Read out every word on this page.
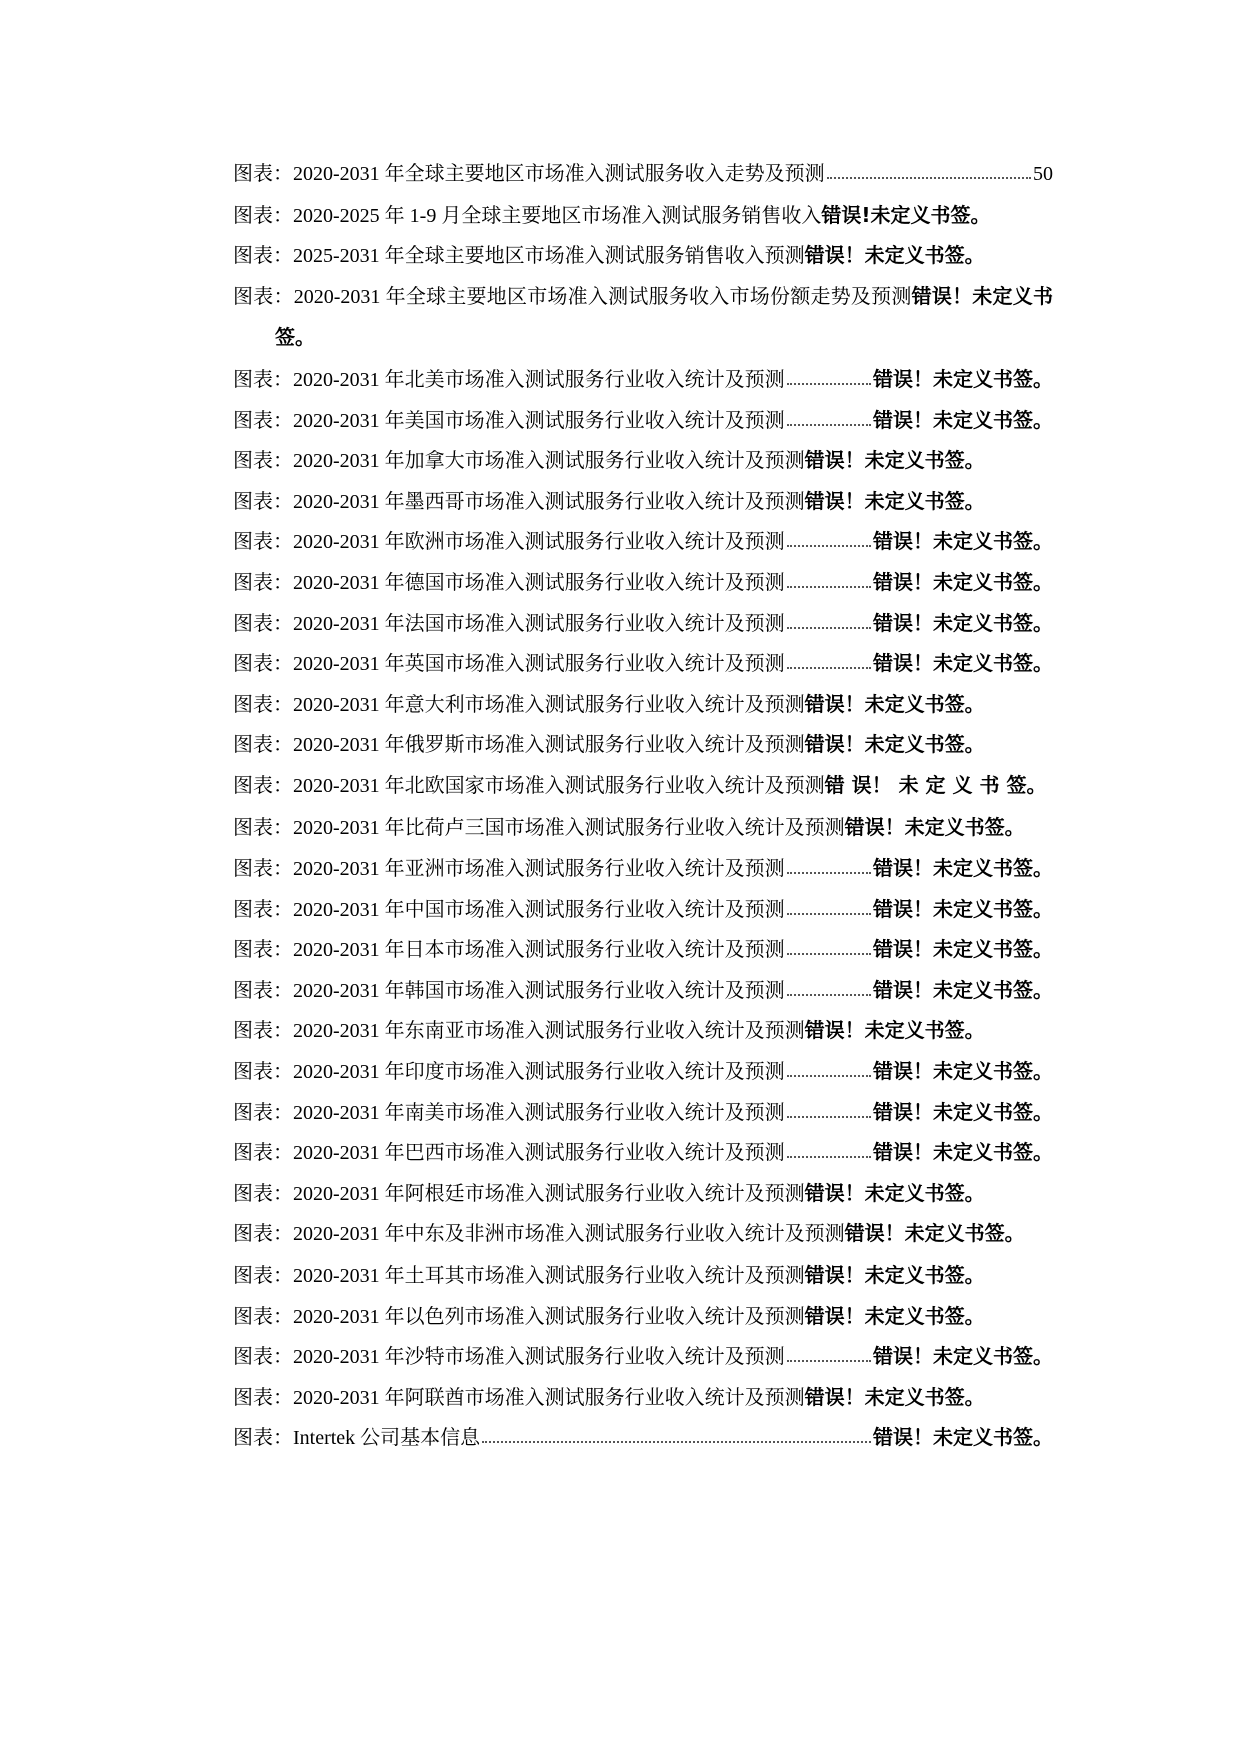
图表：2020-2031 年全球主要地区市场准入测试服务收入走势及预测	50
图表：2020-2025 年 1-9 月全球主要地区市场准入测试服务销售收入 错误!未定义书签。
图表：2025-2031 年全球主要地区市场准入测试服务销售收入预测 错误！未定义书签。
图表：2020-2031 年全球主要地区市场准入测试服务收入市场份额走势及预测错误！未定义书签。
图表：2020-2031 年北美市场准入测试服务行业收入统计及预测	错误！未定义书签。
图表：2020-2031 年美国市场准入测试服务行业收入统计及预测	错误！未定义书签。
图表：2020-2031 年加拿大市场准入测试服务行业收入统计及预测 错误！未定义书签。
图表：2020-2031 年墨西哥市场准入测试服务行业收入统计及预测 错误！未定义书签。
图表：2020-2031 年欧洲市场准入测试服务行业收入统计及预测	错误！未定义书签。
图表：2020-2031 年德国市场准入测试服务行业收入统计及预测	错误！未定义书签。
图表：2020-2031 年法国市场准入测试服务行业收入统计及预测	错误！未定义书签。
图表：2020-2031 年英国市场准入测试服务行业收入统计及预测	错误！未定义书签。
图表：2020-2031 年意大利市场准入测试服务行业收入统计及预测 错误！未定义书签。
图表：2020-2031 年俄罗斯市场准入测试服务行业收入统计及预测 错误！未定义书签。
图表：2020-2031 年北欧国家市场准入测试服务行业收入统计及预测错 误！ 未 定 义 书 签。
图表：2020-2031 年比荷卢三国市场准入测试服务行业收入统计及预测错误！未定义书签。
图表：2020-2031 年亚洲市场准入测试服务行业收入统计及预测	错误！未定义书签。
图表：2020-2031 年中国市场准入测试服务行业收入统计及预测	错误！未定义书签。
图表：2020-2031 年日本市场准入测试服务行业收入统计及预测	错误！未定义书签。
图表：2020-2031 年韩国市场准入测试服务行业收入统计及预测	错误！未定义书签。
图表：2020-2031 年东南亚市场准入测试服务行业收入统计及预测 错误！未定义书签。
图表：2020-2031 年印度市场准入测试服务行业收入统计及预测	错误！未定义书签。
图表：2020-2031 年南美市场准入测试服务行业收入统计及预测	错误！未定义书签。
图表：2020-2031 年巴西市场准入测试服务行业收入统计及预测	错误！未定义书签。
图表：2020-2031 年阿根廷市场准入测试服务行业收入统计及预测 错误！未定义书签。
图表：2020-2031 年中东及非洲市场准入测试服务行业收入统计及预测错误！未定义书签。
图表：2020-2031 年土耳其市场准入测试服务行业收入统计及预测 错误！未定义书签。
图表：2020-2031 年以色列市场准入测试服务行业收入统计及预测 错误！未定义书签。
图表：2020-2031 年沙特市场准入测试服务行业收入统计及预测	错误！未定义书签。
图表：2020-2031 年阿联酋市场准入测试服务行业收入统计及预测 错误！未定义书签。
图表：Intertek 公司基本信息	错误！未定义书签。
